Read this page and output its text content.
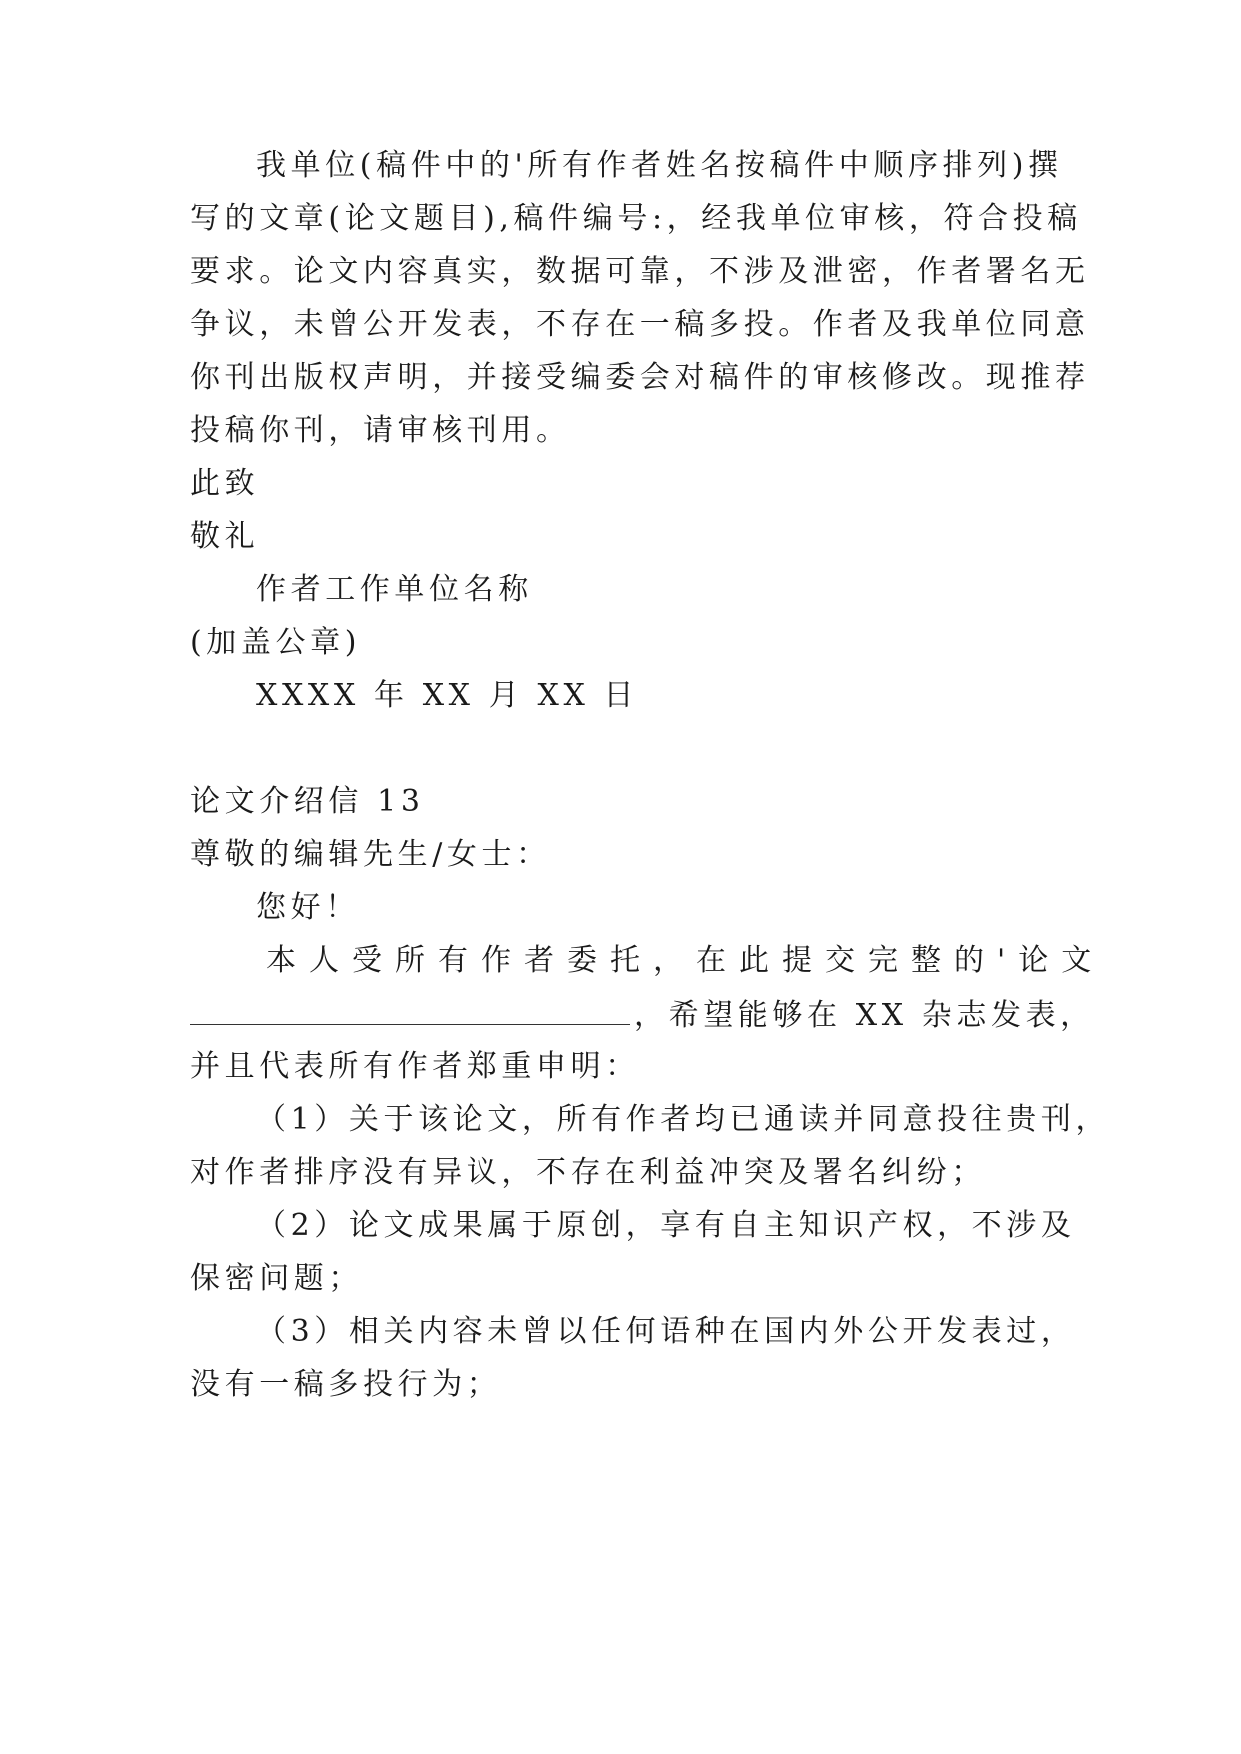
我单位(稿件中的'所有作者姓名按稿件中顺序排列)撰
写的文章(论文题目),稿件编号:，经我单位审核，符合投稿
要求。论文内容真实，数据可靠，不涉及泄密，作者署名无
争议，未曾公开发表，不存在一稿多投。作者及我单位同意
你刊出版权声明，并接受编委会对稿件的审核修改。现推荐
投稿你刊，请审核刊用。
此致
敬礼
作者工作单位名称
(加盖公章)
XXXX 年 XX 月 XX 日
论文介绍信 13
尊敬的编辑先生/女士：
您好！
本人受所有作者委托，在此提交完整的'论文
，希望能够在 XX 杂志发表，
并且代表所有作者郑重申明：
（1）关于该论文，所有作者均已通读并同意投往贵刊，
对作者排序没有异议，不存在利益冲突及署名纠纷；
（2）论文成果属于原创，享有自主知识产权，不涉及
保密问题；
（3）相关内容未曾以任何语种在国内外公开发表过，
没有一稿多投行为；
